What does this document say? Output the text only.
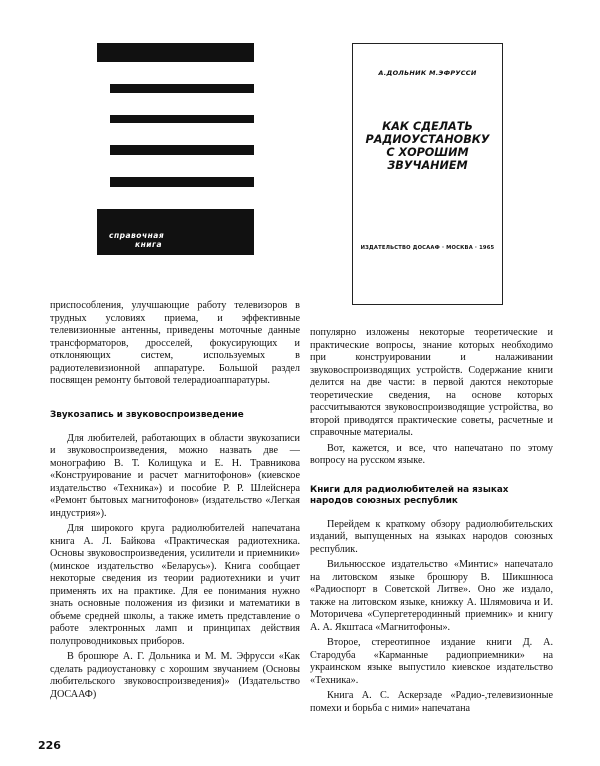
телевизоры
радиоприемники
магнитофоны
проигрыватели
справочная
книга
А.ДОЛЬНИК М.ЭФРУССИ
КАК СДЕЛАТЬ
РАДИОУСТАНОВКУ
С ХОРОШИМ
ЗВУЧАНИЕМ
ИЗДАТЕЛЬСТВО ДОСААФ · МОСКВА · 1965

приспособления, улучшающие работу телевизоров в трудных условиях приема, и эффективные телевизионные антенны, приведены моточные данные трансформаторов, дросселей, фокусирующих и отклоняющих систем, используемых в радиотелевизионной аппаратуре. Большой раздел посвящен ремонту бытовой телерадиоаппаратуры.

Звукозапись и звуковоспроизведение

Для любителей, работающих в области звукозаписи и звуковоспроизведения, можно назвать две — монографию В. Т. Колищука и Е. Н. Травникова «Конструирование и расчет магнитофонов» (киевское издательство «Техника») и пособие Р. Р. Шлейснера «Ремонт бытовых магнитофонов» (издательство «Легкая индустрия»).

Для широкого круга радиолюбителей напечатана книга А. Л. Байкова «Практическая радиотехника. Основы звуковоспроизведения, усилители и приемники» (минское издательство «Беларусь»). Книга сообщает некоторые сведения из теории радиотехники и учит применять их на практике. Для ее понимания нужно знать основные положения из физики и математики в объеме средней школы, а также иметь представление о работе электронных ламп и принципах действия полупроводниковых приборов.

В брошюре А. Г. Дольника и М. М. Эфрусси «Как сделать радиоустановку с хорошим звучанием (Основы любительского звуковоспроизведения)» (Издательство ДОСААФ)

популярно изложены некоторые теоретические и практические вопросы, знание которых необходимо при конструировании и налаживании звуковоспроизводящих устройств. Содержание книги делится на две части: в первой даются некоторые теоретические сведения, на основе которых рассчитываются звуковоспроизводящие устройства, во второй приводятся практические советы, расчетные и справочные материалы.

Вот, кажется, и все, что напечатано по этому вопросу на русском языке.

Книги для радиолюбителей на языках народов союзных республик

Перейдем к краткому обзору радиолюбительских изданий, выпущенных на языках народов союзных республик.

Вильнюсское издательство «Минтис» напечатало на литовском языке брошюру В. Шикшнюса «Радиоспорт в Советской Литве». Оно же издало, также на литовском языке, книжку А. Шлямовича и И. Моторичева «Супергетеродинный приемник» и книгу А. А. Якштаса «Магнитофоны».

Второе, стереотипное издание книги Д. А. Стародуба «Карманные радиоприемники» на украинском языке выпустило киевское издательство «Техника».

Книга А. С. Аскерзаде «Радио-,телевизионные помехи и борьба с ними» напечатана

226
